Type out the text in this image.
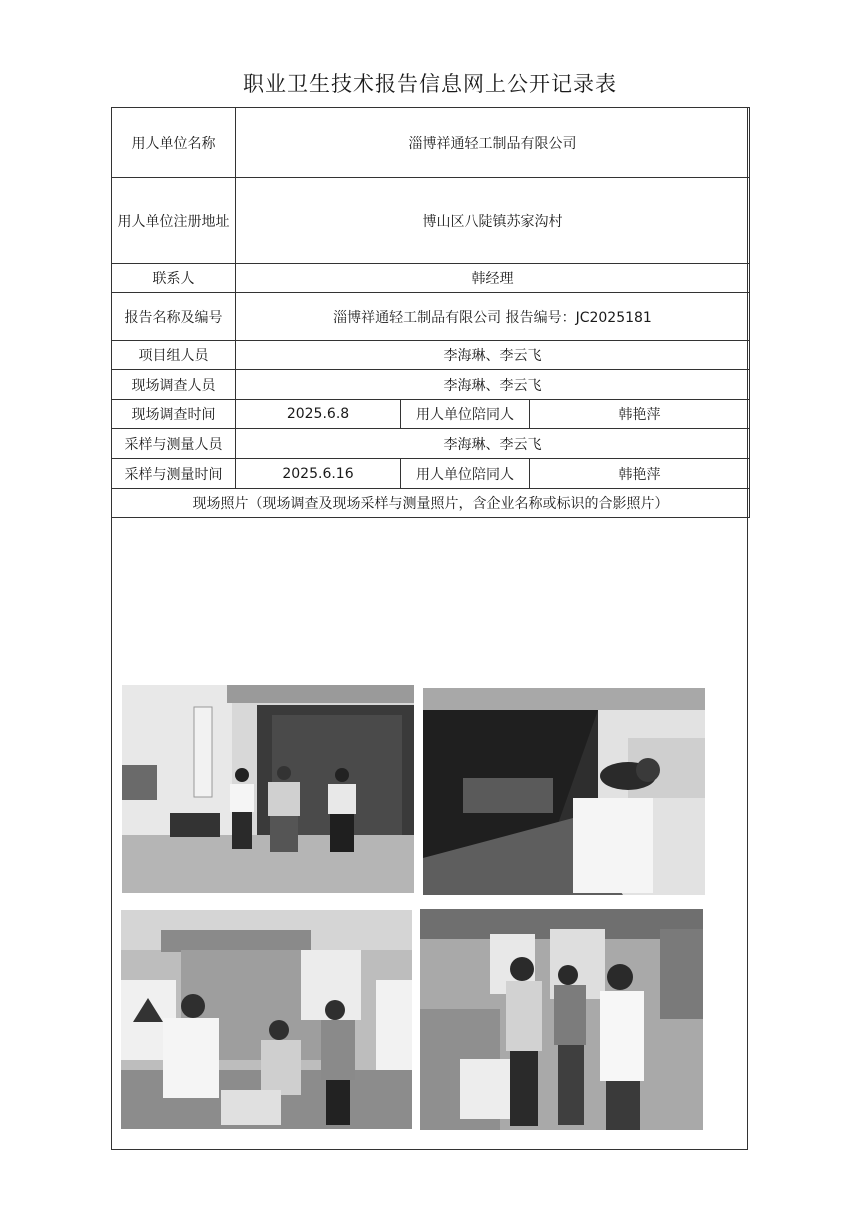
职业卫生技术报告信息网上公开记录表
用人单位名称	淄博祥通轻工制品有限公司		
用人单位注册地址	博山区八陡镇苏家沟村		
联系人	韩经理		
报告名称及编号	淄博祥通轻工制品有限公司 报告编号：JC2025181		
项目组人员	李海琳、李云飞		
现场调查人员	李海琳、李云飞		
现场调查时间	2025.6.8	用人单位陪同人	韩艳萍
采样与测量人员	李海琳、李云飞		
采样与测量时间	2025.6.16	用人单位陪同人	韩艳萍
现场照片（现场调查及现场采样与测量照片，含企业名称或标识的合影照片）			
